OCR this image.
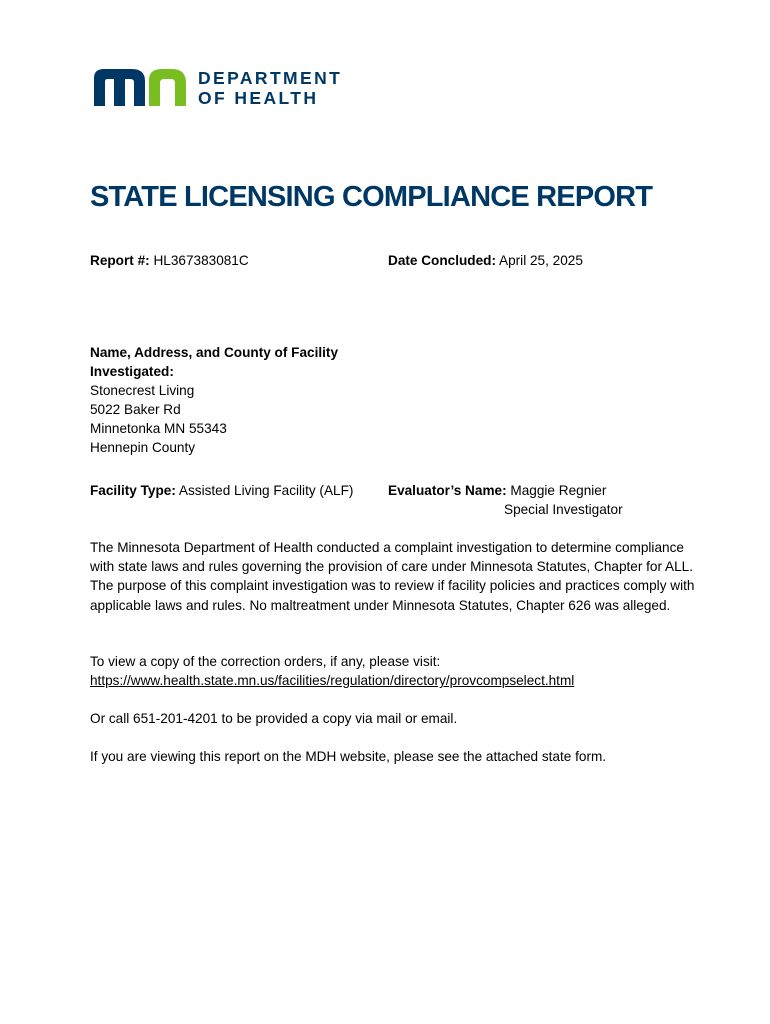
DEPARTMENT
OF HEALTH
STATE LICENSING COMPLIANCE REPORT
Report #: HL367383081C	Date Concluded: April 25, 2025
Name, Address, and County of Facility
Investigated:
Stonecrest Living
5022 Baker Rd
Minnetonka MN 55343
Hennepin County
Facility Type: Assisted Living Facility (ALF)	Evaluator’s Name: Maggie Regnier
Special Investigator
The Minnesota Department of Health conducted a complaint investigation to determine compliance with state laws and rules governing the provision of care under Minnesota Statutes, Chapter for ALL. The purpose of this complaint investigation was to review if facility policies and practices comply with applicable laws and rules. No maltreatment under Minnesota Statutes, Chapter 626 was alleged.
To view a copy of the correction orders, if any, please visit:
https://www.health.state.mn.us/facilities/regulation/directory/provcompselect.html
Or call 651-201-4201 to be provided a copy via mail or email.
If you are viewing this report on the MDH website, please see the attached state form.
